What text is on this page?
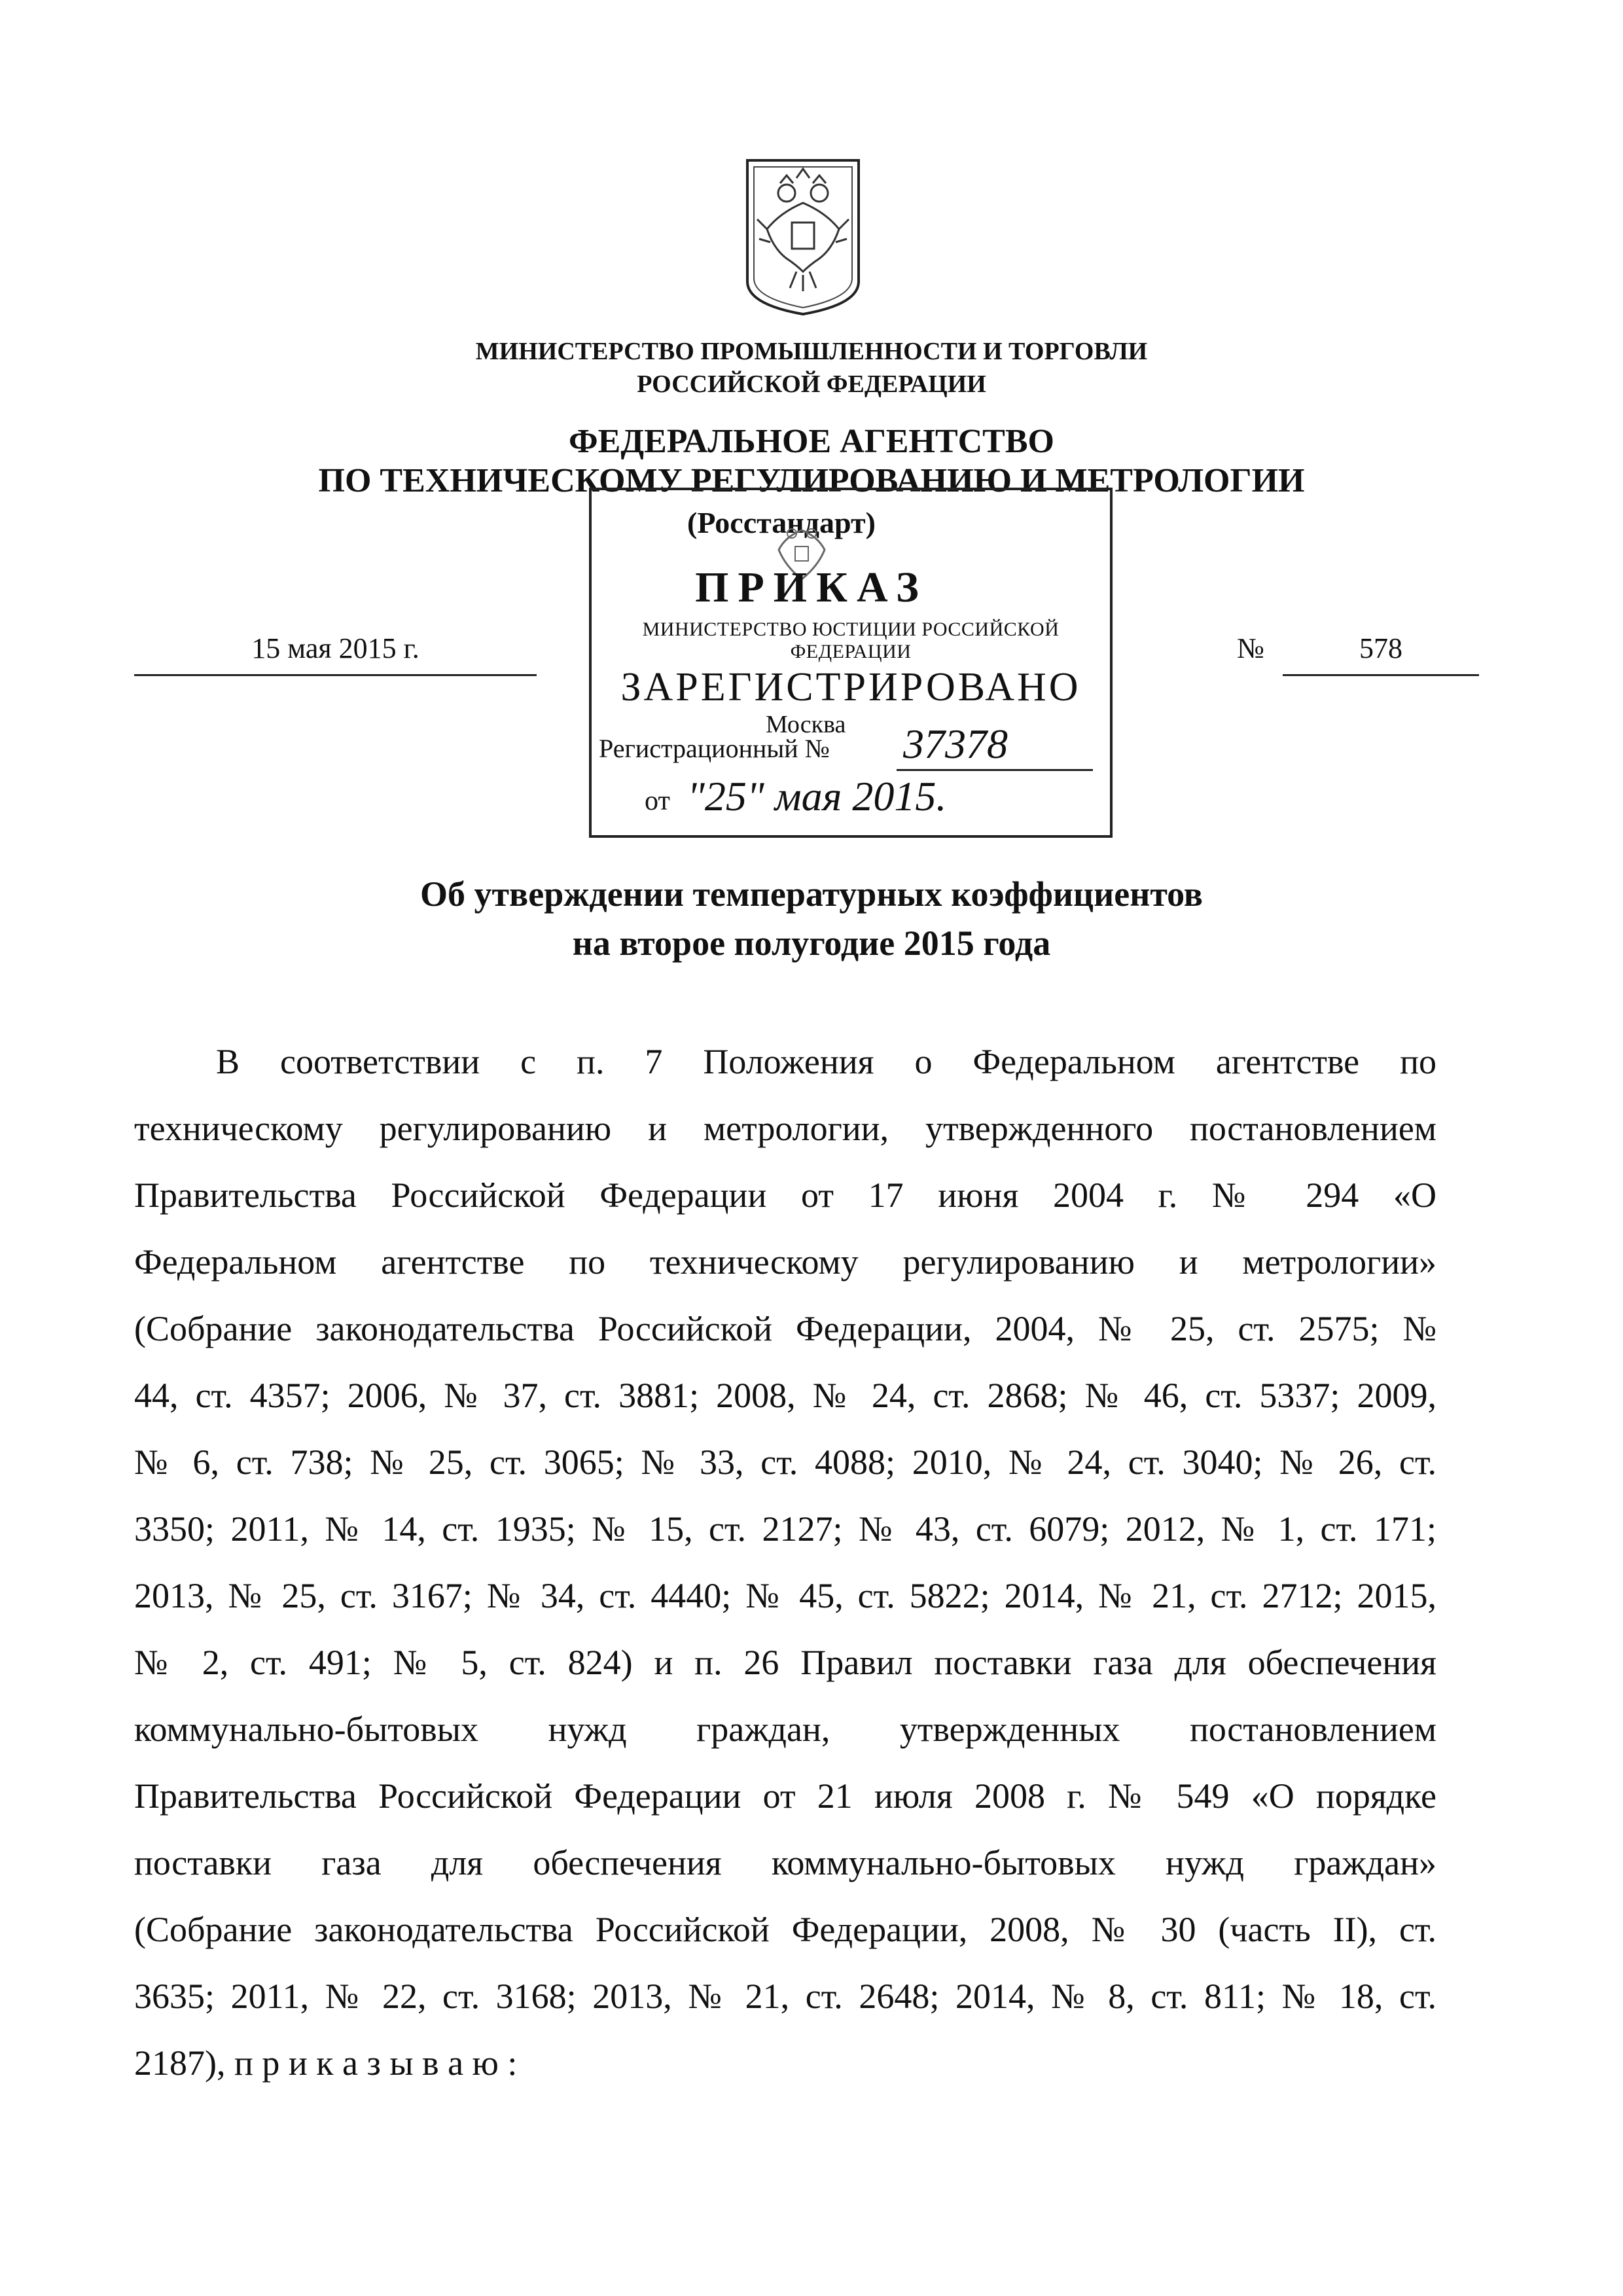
МИНИСТЕРСТВО ПРОМЫШЛЕННОСТИ И ТОРГОВЛИ
РОССИЙСКОЙ ФЕДЕРАЦИИ
ФЕДЕРАЛЬНОЕ АГЕНТСТВО
ПО ТЕХНИЧЕСКОМУ РЕГУЛИРОВАНИЮ И МЕТРОЛОГИИ
(Росстандарт)
ПРИКАЗ
МИНИСТЕРСТВО ЮСТИЦИИ РОССИЙСКОЙ ФЕДЕРАЦИИ
ЗАРЕГИСТРИРОВАНО
Москва
Регистрационный № 37378
от "25" мая 2015.
15 мая 2015 г.	№	578
Об утверждении температурных коэффициентов
на второе полугодие 2015 года
В соответствии с п. 7 Положения о Федеральном агентстве по
техническому регулированию и метрологии, утвержденного постановлением
Правительства Российской Федерации от 17 июня 2004 г. № 294 «О
Федеральном агентстве по техническому регулированию и метрологии»
(Собрание законодательства Российской Федерации, 2004, № 25, ст. 2575; №
44, ст. 4357; 2006, № 37, ст. 3881; 2008, № 24, ст. 2868; № 46, ст. 5337; 2009,
№ 6, ст. 738; № 25, ст. 3065; № 33, ст. 4088; 2010, № 24, ст. 3040; № 26, ст.
3350; 2011, № 14, ст. 1935; № 15, ст. 2127; № 43, ст. 6079; 2012, № 1, ст. 171;
2013, № 25, ст. 3167; № 34, ст. 4440; № 45, ст. 5822; 2014, № 21, ст. 2712; 2015,
№ 2, ст. 491; № 5, ст. 824) и п. 26 Правил поставки газа для обеспечения
коммунально-бытовых нужд граждан, утвержденных постановлением
Правительства Российской Федерации от 21 июля 2008 г. № 549 «О порядке
поставки газа для обеспечения коммунально-бытовых нужд граждан»
(Собрание законодательства Российской Федерации, 2008, № 30 (часть II), ст.
3635; 2011, № 22, ст. 3168; 2013, № 21, ст. 2648; 2014, № 8, ст. 811; № 18, ст.
2187), п р и к а з ы в а ю :
